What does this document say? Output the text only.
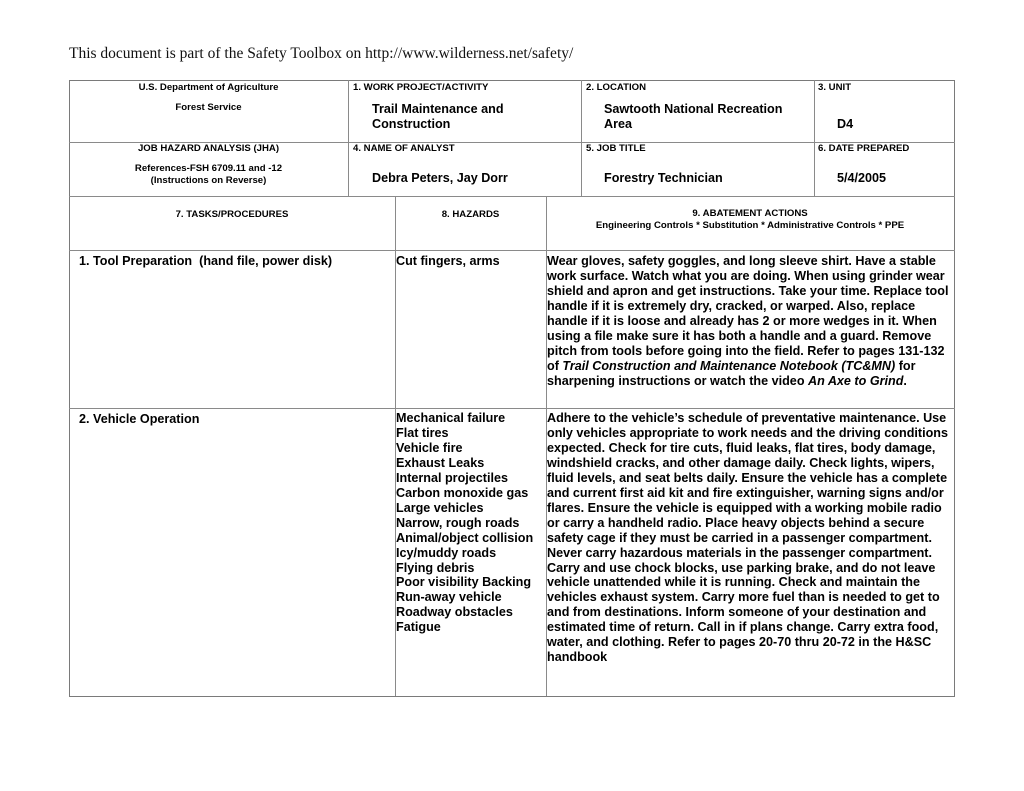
This document is part of the Safety Toolbox on http://www.wilderness.net/safety/
U.S. Department of Agriculture
Forest Service
JOB HAZARD ANALYSIS (JHA)
References-FSH 6709.11 and -12
(Instructions on Reverse)
1. WORK PROJECT/ACTIVITY
Trail Maintenance and
Construction
2. LOCATION
Sawtooth National Recreation
Area
3. UNIT
D4
4. NAME OF ANALYST
Debra Peters, Jay Dorr
5. JOB TITLE
Forestry Technician
6. DATE PREPARED
5/4/2005
7. TASKS/PROCEDURES	8. HAZARDS	9. ABATEMENT ACTIONS
Engineering Controls * Substitution * Administrative Controls * PPE
1. Tool Preparation  (hand file, power disk)	Cut fingers, arms	Wear gloves, safety goggles, and long sleeve shirt. Have a stable work surface. Watch what you are doing. When using grinder wear shield and apron and get instructions. Take your time. Replace tool handle if it is extremely dry, cracked, or warped. Also, replace handle if it is loose and already has 2 or more wedges in it. When using a file make sure it has both a handle and a guard. Remove pitch from tools before going into the field. Refer to pages 131-132 of Trail Construction and Maintenance Notebook (TC&MN) for sharpening instructions or watch the video An Axe to Grind.
2. Vehicle Operation	Mechanical failure
Flat tires
Vehicle fire
Exhaust Leaks
Internal projectiles
Carbon monoxide gas
Large vehicles
Narrow, rough roads
Animal/object collision
Icy/muddy roads
Flying debris
Poor visibility Backing
Run-away vehicle
Roadway obstacles
Fatigue
Adhere to the vehicle’s schedule of preventative maintenance. Use only vehicles appropriate to work needs and the driving conditions expected. Check for tire cuts, fluid leaks, flat tires, body damage, windshield cracks, and other damage daily. Check lights, wipers, fluid levels, and seat belts daily. Ensure the vehicle has a complete and current first aid kit and fire extinguisher, warning signs and/or flares. Ensure the vehicle is equipped with a working mobile radio or carry a handheld radio. Place heavy objects behind a secure safety cage if they must be carried in a passenger compartment. Never carry hazardous materials in the passenger compartment. Carry and use chock blocks, use parking brake, and do not leave vehicle unattended while it is running. Check and maintain the vehicles exhaust system. Carry more fuel than is needed to get to and from destinations. Inform someone of your destination and estimated time of return. Call in if plans change. Carry extra food, water, and clothing. Refer to pages 20-70 thru 20-72 in the H&SC handbook
